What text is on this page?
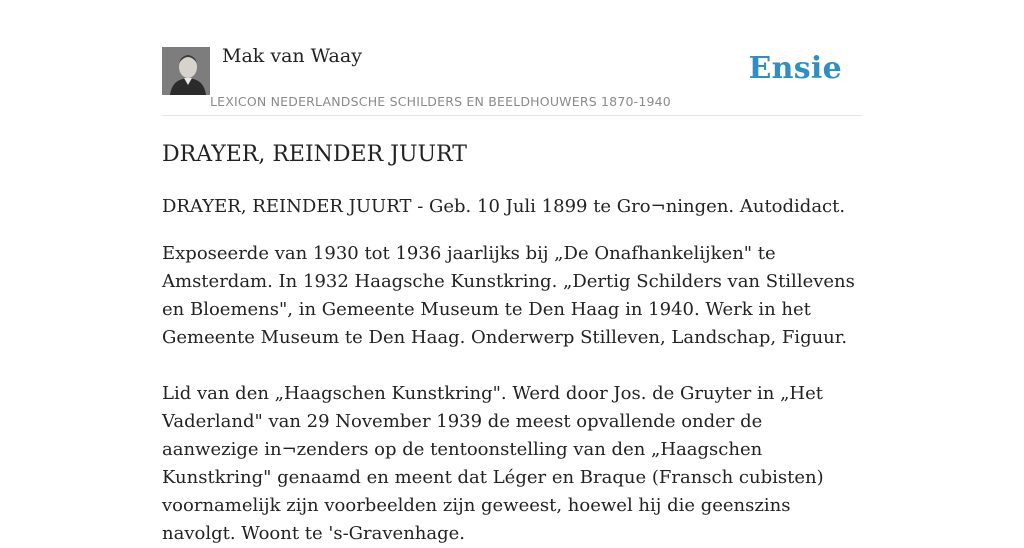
Mak van Waay
LEXICON NEDERLANDSCHE SCHILDERS EN BEELDHOUWERS 1870-1940
Ensie
DRAYER, REINDER JUURT

DRAYER, REINDER JUURT - Geb. 10 Juli 1899 te Gro¬ningen. Autodidact.

Exposeerde van 1930 tot 1936 jaarlijks bij „De Onafhankelijken" te Amsterdam. In 1932 Haagsche Kunstkring. „Dertig Schilders van Stillevens en Bloemens", in Gemeente Museum te Den Haag in 1940. Werk in het Gemeente Museum te Den Haag. Onderwerp Stilleven, Landschap, Figuur.

Lid van den „Haagschen Kunstkring". Werd door Jos. de Gruyter in „Het Vaderland" van 29 November 1939 de meest opvallende onder de aanwezige in¬zenders op de tentoonstelling van den „Haagschen Kunstkring" genaamd en meent dat Léger en Braque (Fransch cubisten) voornamelijk zijn voorbeelden zijn geweest, hoewel hij die geenszins navolgt. Woont te 's-Gravenhage.
